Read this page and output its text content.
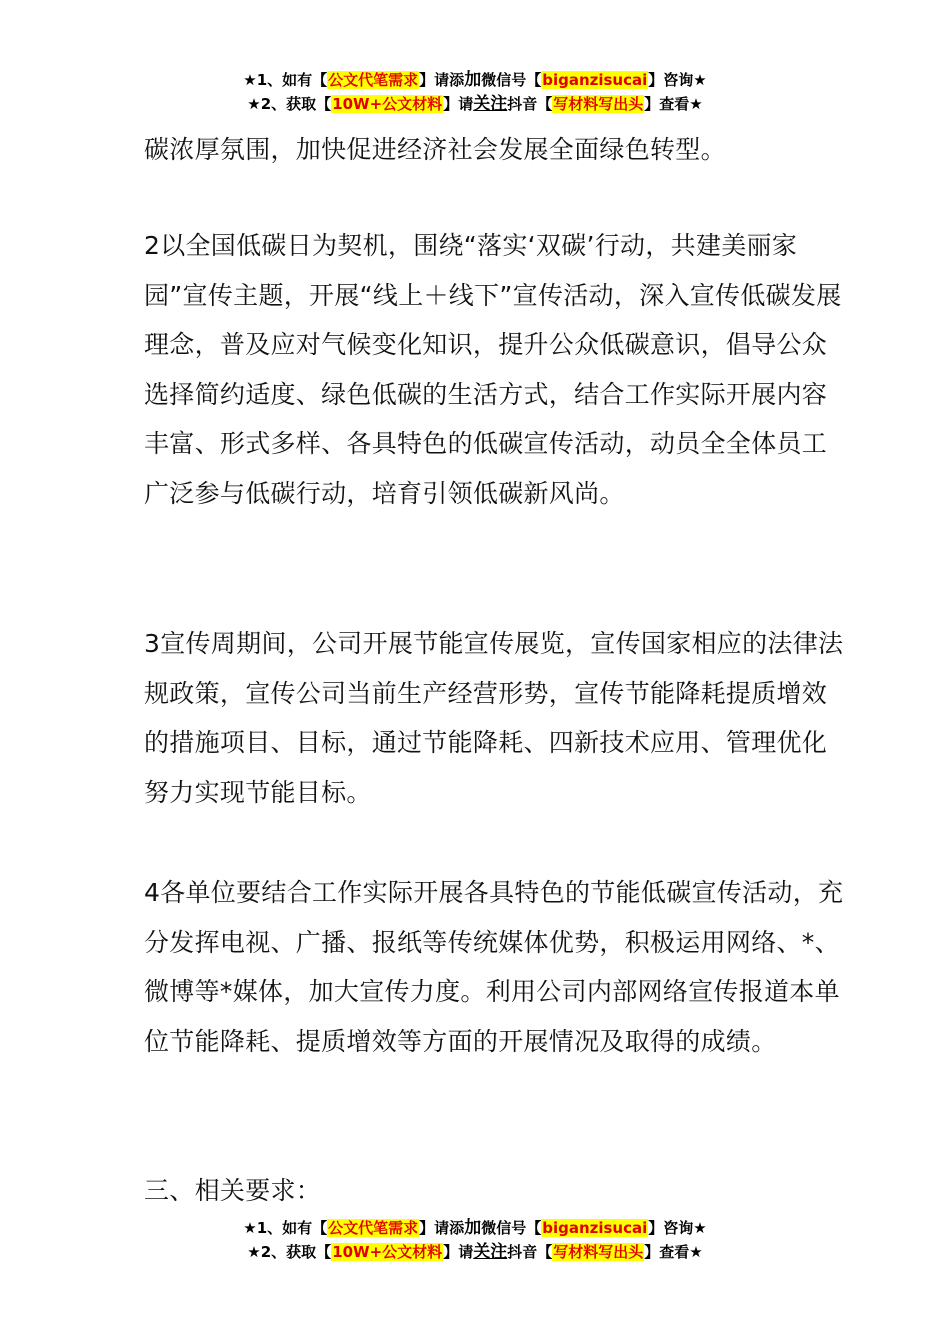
★1、如有【公文代笔需求】请添加微信号【biganzisucai】咨询★
★2、获取【10W+公文材料】请关注抖音【写材料写出头】查看★

碳浓厚氛围，加快促进经济社会发展全面绿色转型。

2以全国低碳日为契机，围绕“落实‘双碳’行动，共建美丽家园”宣传主题，开展“线上＋线下”宣传活动，深入宣传低碳发展理念，普及应对气候变化知识，提升公众低碳意识，倡导公众选择简约适度、绿色低碳的生活方式，结合工作实际开展内容丰富、形式多样、各具特色的低碳宣传活动，动员全全体员工广泛参与低碳行动，培育引领低碳新风尚。

3宣传周期间，公司开展节能宣传展览，宣传国家相应的法律法规政策，宣传公司当前生产经营形势，宣传节能降耗提质增效的措施项目、目标，通过节能降耗、四新技术应用、管理优化努力实现节能目标。

4各单位要结合工作实际开展各具特色的节能低碳宣传活动，充分发挥电视、广播、报纸等传统媒体优势，积极运用网络、*、微博等*媒体，加大宣传力度。利用公司内部网络宣传报道本单位节能降耗、提质增效等方面的开展情况及取得的成绩。

三、相关要求：

★1、如有【公文代笔需求】请添加微信号【biganzisucai】咨询★
★2、获取【10W+公文材料】请关注抖音【写材料写出头】查看★
